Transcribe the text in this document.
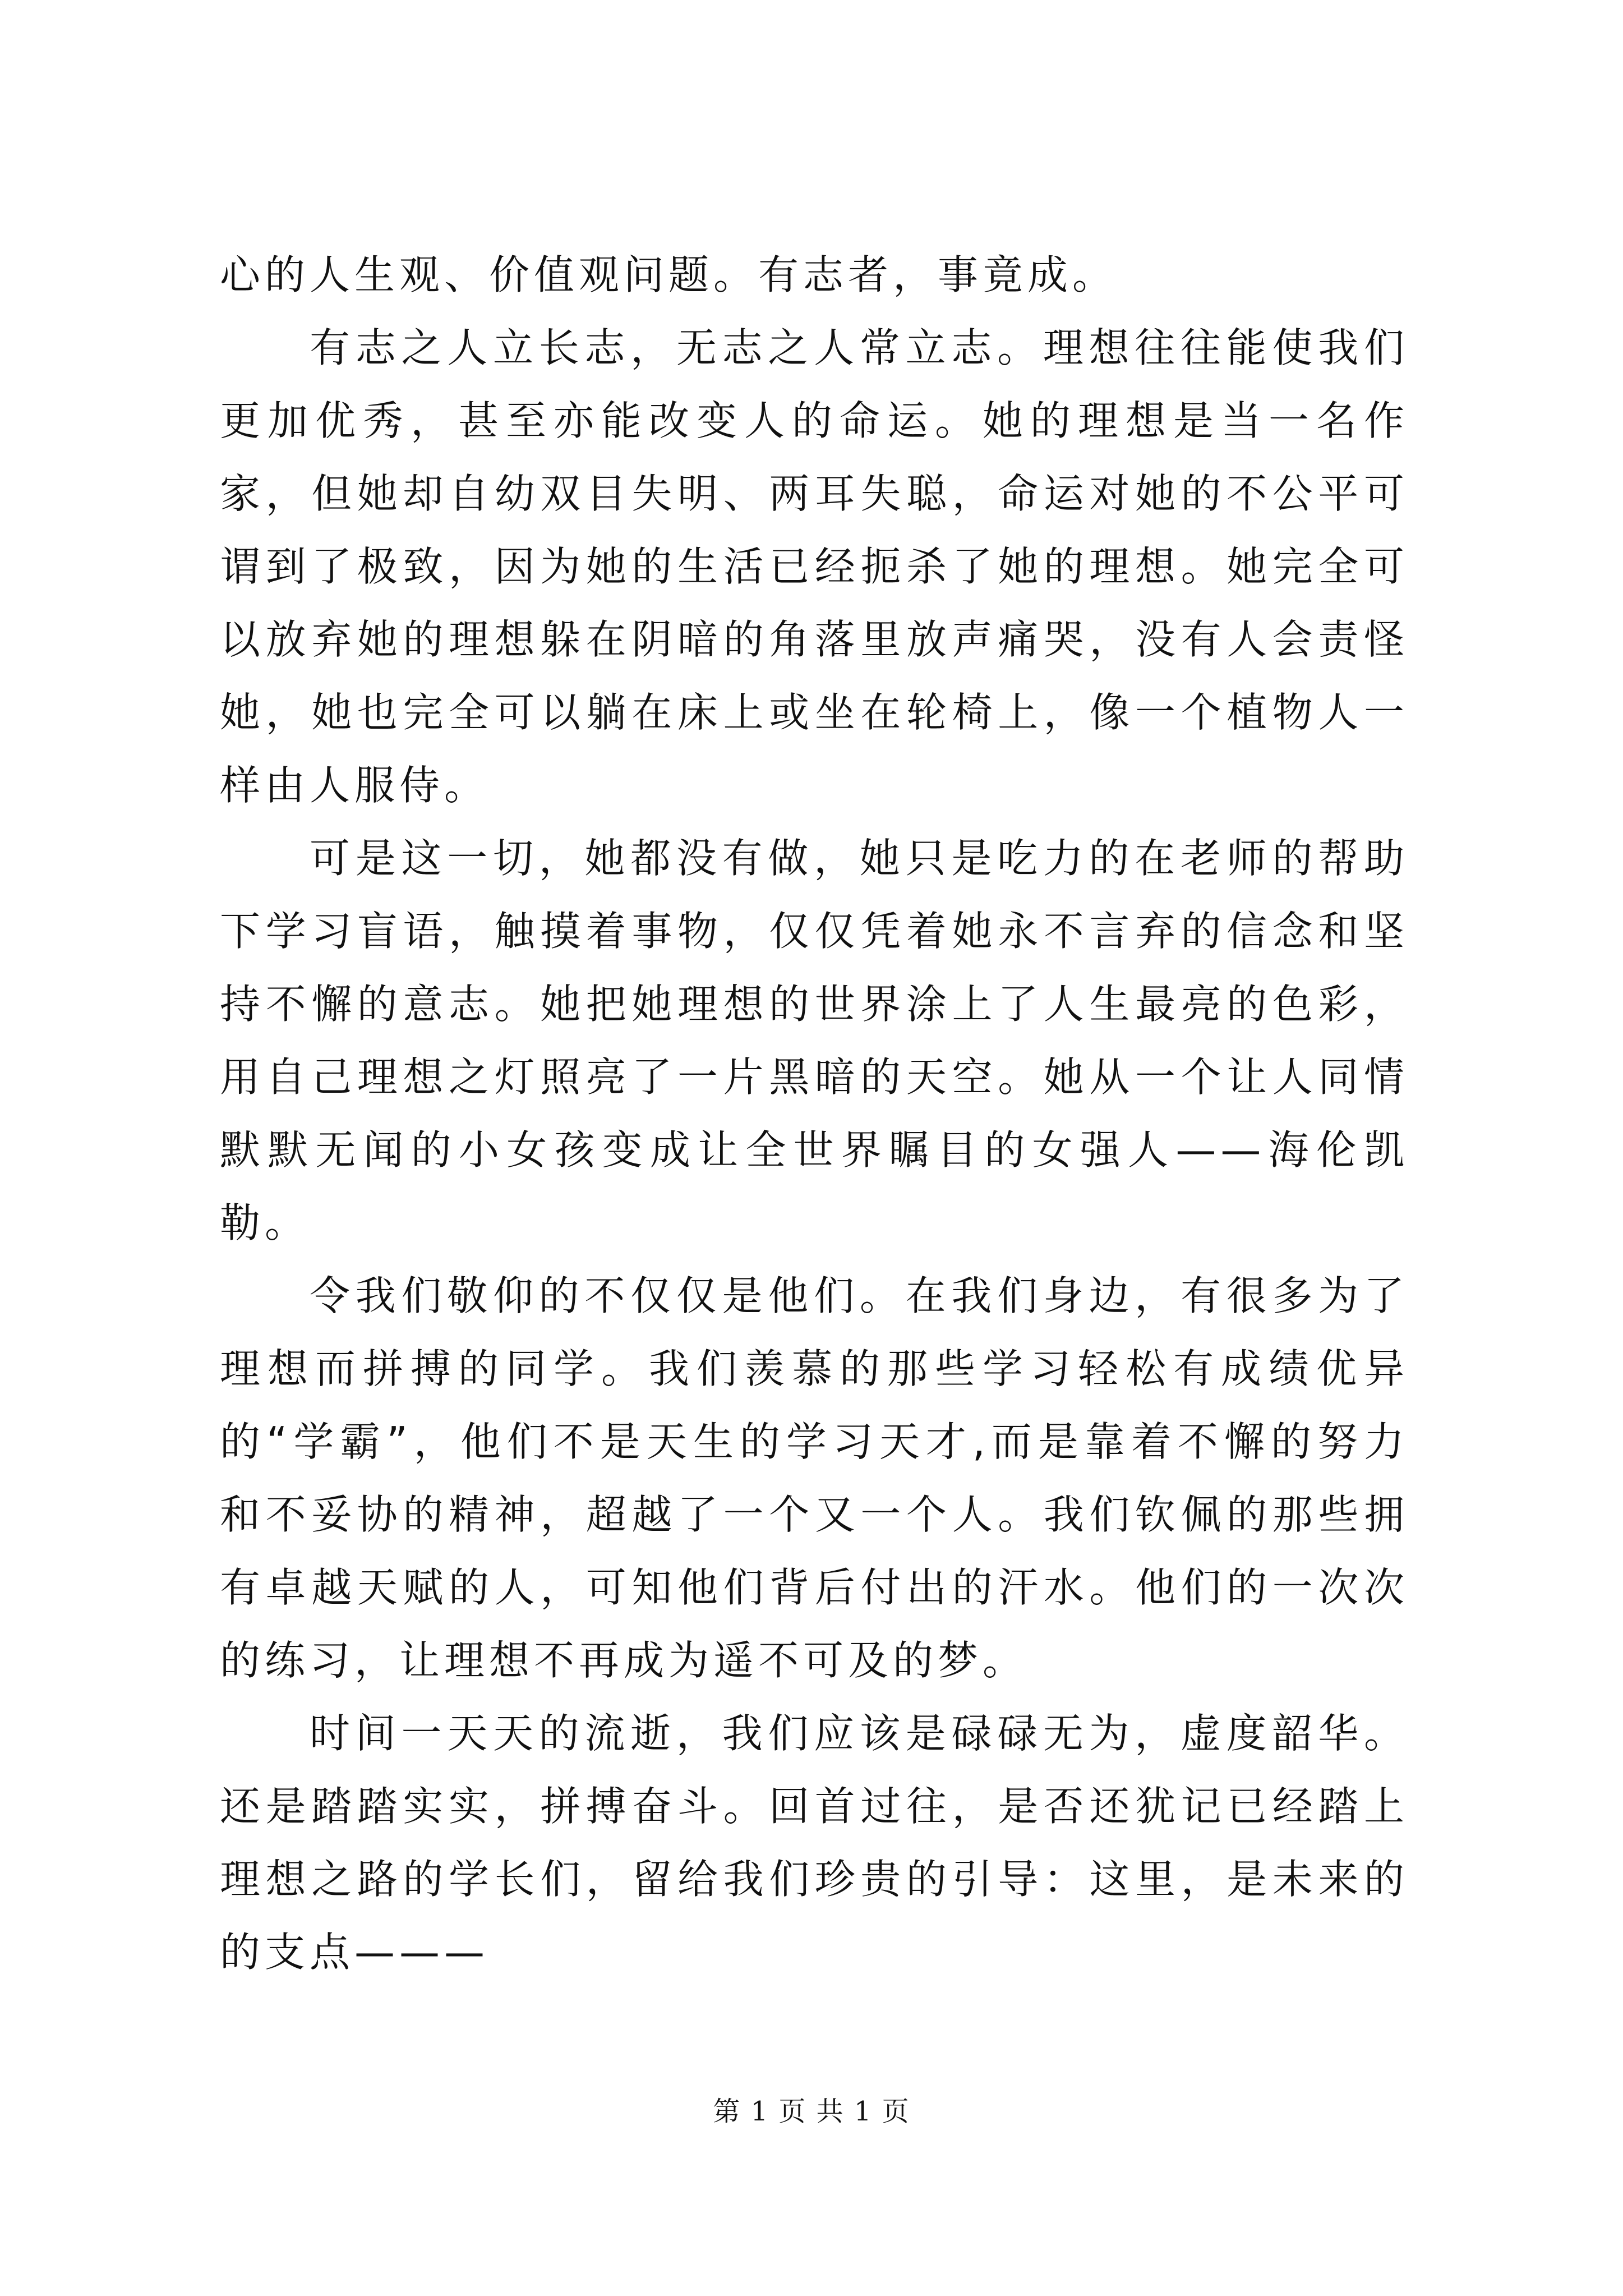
心的人生观、价值观问题。有志者，事竟成。

有志之人立长志，无志之人常立志。理想往往能使我们更加优秀，甚至亦能改变人的命运。她的理想是当一名作家，但她却自幼双目失明、两耳失聪，命运对她的不公平可谓到了极致，因为她的生活已经扼杀了她的理想。她完全可以放弃她的理想躲在阴暗的角落里放声痛哭，没有人会责怪她，她也完全可以躺在床上或坐在轮椅上，像一个植物人一样由人服侍。

可是这一切，她都没有做，她只是吃力的在老师的帮助下学习盲语，触摸着事物，仅仅凭着她永不言弃的信念和坚持不懈的意志。她把她理想的世界涂上了人生最亮的色彩，用自己理想之灯照亮了一片黑暗的天空。她从一个让人同情默默无闻的小女孩变成让全世界瞩目的女强人——海伦凯勒。

令我们敬仰的不仅仅是他们。在我们身边，有很多为了理想而拼搏的同学。我们羡慕的那些学习轻松有成绩优异的“学霸”，他们不是天生的学习天才,而是靠着不懈的努力和不妥协的精神，超越了一个又一个人。我们钦佩的那些拥有卓越天赋的人，可知他们背后付出的汗水。他们的一次次的练习，让理想不再成为遥不可及的梦。

时间一天天的流逝，我们应该是碌碌无为，虚度韶华。还是踏踏实实，拼搏奋斗。回首过往，是否还犹记已经踏上理想之路的学长们，留给我们珍贵的引导：这里，是未来的的支点———

第 1 页 共 1 页
